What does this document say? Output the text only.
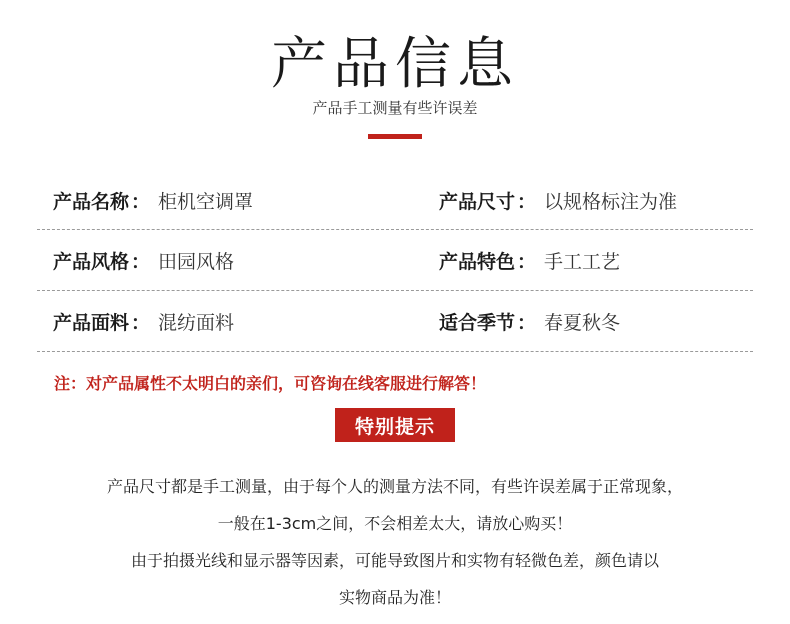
产品信息
产品手工测量有些许误差
产品名称 ： 柜机空调罩	产品尺寸 ： 以规格标注为准
产品风格 ： 田园风格	产品特色 ： 手工工艺
产品面料 ： 混纺面料	适合季节 ： 春夏秋冬
注：对产品属性不太明白的亲们，可咨询在线客服进行解答！
特别提示
产品尺寸都是手工测量，由于每个人的测量方法不同，有些许误差属于正常现象，
一般在1-3cm之间，不会相差太大，请放心购买！
由于拍摄光线和显示器等因素，可能导致图片和实物有轻微色差，颜色请以
实物商品为准！
